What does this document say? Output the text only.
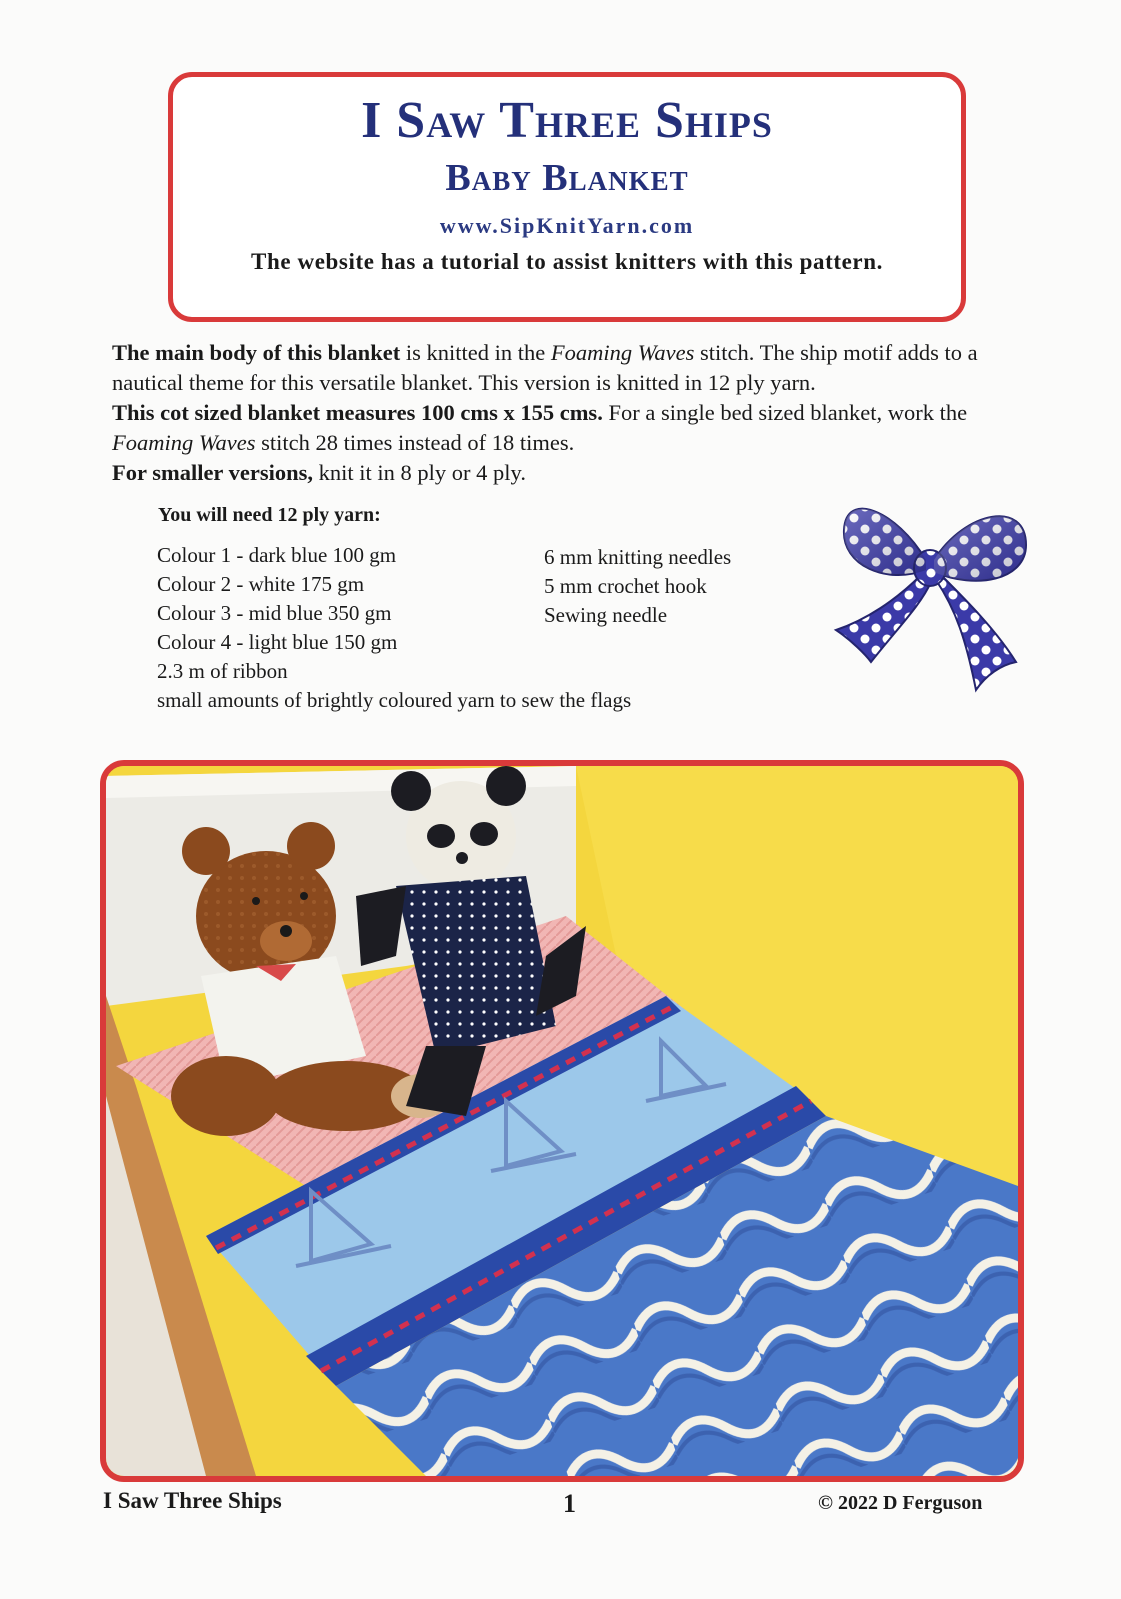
I Saw Three Ships
Baby Blanket
www.SipKnitYarn.com
The website has a tutorial to assist knitters with this pattern.

The main body of this blanket is knitted in the Foaming Waves stitch. The ship motif adds to a nautical theme for this versatile blanket. This version is knitted in 12 ply yarn.

This cot sized blanket measures 100 cms x 155 cms. For a single bed sized blanket, work the Foaming Waves stitch 28 times instead of 18 times.

For smaller versions, knit it in 8 ply or 4 ply.

You will need 12 ply yarn:
Colour 1 - dark blue 100 gm
Colour 2 - white 175 gm
Colour 3 - mid blue 350 gm
Colour 4 - light blue 150 gm
2.3 m of ribbon
small amounts of brightly coloured yarn to sew the flags
6 mm knitting needles
5 mm crochet hook
Sewing needle
I Saw Three Ships	1	© 2022 D Ferguson
